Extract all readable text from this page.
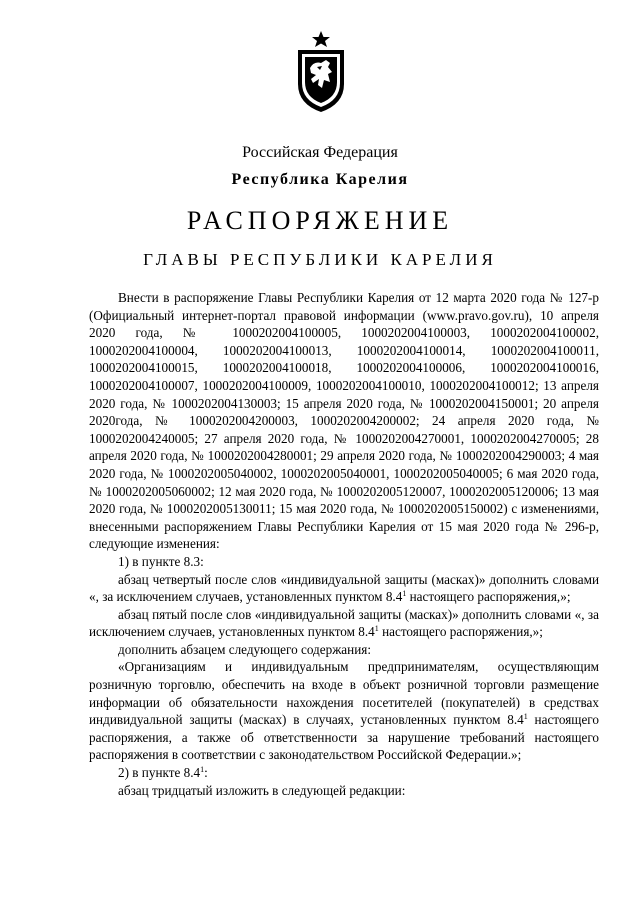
Российская Федерация
Республика Карелия
РАСПОРЯЖЕНИЕ
ГЛАВЫ РЕСПУБЛИКИ КАРЕЛИЯ

Внести в распоряжение Главы Республики Карелия от 12 марта 2020 года № 127-р (Официальный интернет-портал правовой информации (www.pravo.gov.ru), 10 апреля 2020 года, № 1000202004100005, 1000202004100003, 1000202004100002, 1000202004100004, 1000202004100013, 1000202004100014, 1000202004100011, 1000202004100015, 1000202004100018, 1000202004100006, 1000202004100016, 1000202004100007, 1000202004100009, 1000202004100010, 1000202004100012; 13 апреля 2020 года, № 1000202004130003; 15 апреля 2020 года, № 1000202004150001; 20 апреля 2020года, № 1000202004200003, 1000202004200002; 24 апреля 2020 года, № 1000202004240005; 27 апреля 2020 года, № 1000202004270001, 1000202004270005; 28 апреля 2020 года, № 1000202004280001; 29 апреля 2020 года, № 1000202004290003; 4 мая 2020 года, № 1000202005040002, 1000202005040001, 1000202005040005; 6 мая 2020 года, № 1000202005060002; 12 мая 2020 года, № 1000202005120007, 1000202005120006; 13 мая 2020 года, № 1000202005130011; 15 мая 2020 года, № 1000202005150002) с изменениями, внесенными распоряжением Главы Республики Карелия от 15 мая 2020 года № 296-р, следующие изменения:

1) в пункте 8.3:

абзац четвертый после слов «индивидуальной защиты (масках)» дополнить словами «, за исключением случаев, установленных пунктом $8.4^1$ настоящего распоряжения,»;

абзац пятый после слов «индивидуальной защиты (масках)» дополнить словами «, за исключением случаев, установленных пунктом $8.4^1$ настоящего распоряжения,»;

дополнить абзацем следующего содержания:

«Организациям и индивидуальным предпринимателям, осуществляющим розничную торговлю, обеспечить на входе в объект розничной торговли размещение информации об обязательности нахождения посетителей (покупателей) в средствах индивидуальной защиты (масках) в случаях, установленных пунктом $8.4^1$ настоящего распоряжения, а также об ответственности за нарушение требований настоящего распоряжения в соответствии с законодательством Российской Федерации.»;

2) в пункте $8.4^1$:

абзац тридцатый изложить в следующей редакции:
